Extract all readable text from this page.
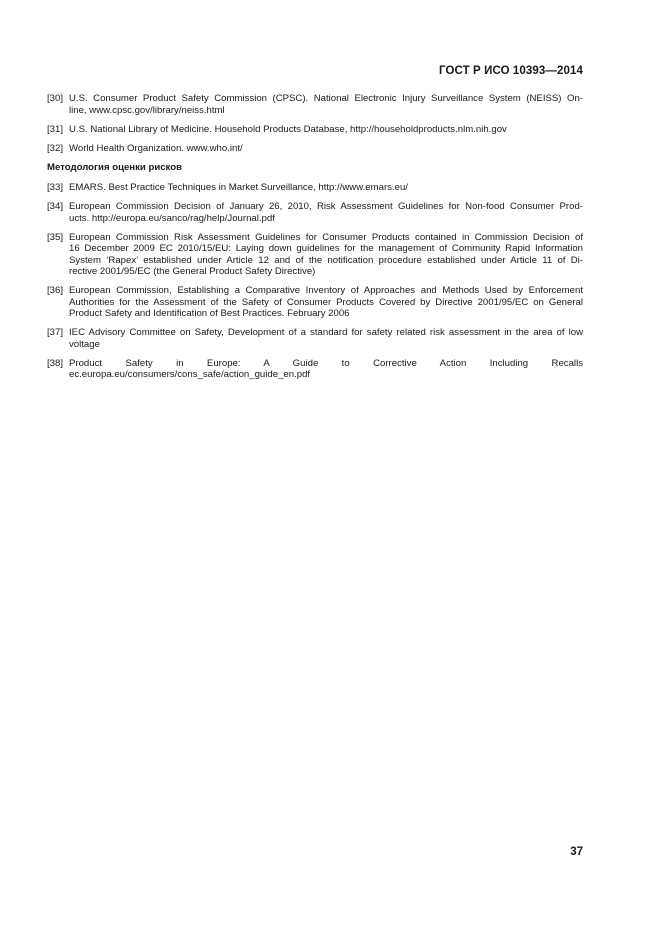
ГОСТ Р ИСО 10393—2014
[30] U.S. Consumer Product Safety Commission (CPSC). National Electronic Injury Surveillance System (NEISS) On-
line, www.cpsc.gov/library/neiss.html
[31] U.S. National Library of Medicine. Household Products Database, http://householdproducts.nlm.nih.gov
[32] World Health Organization. www.who.int/
Методология оценки рисков
[33] EMARS. Best Practice Techniques in Market Surveillance, http://www.emars.eu/
[34] European Commission Decision of January 26, 2010, Risk Assessment Guidelines for Non-food Consumer Prod-
ucts. http://europa.eu/sanco/rag/help/Journal.pdf
[35] European Commission Risk Assessment Guidelines for Consumer Products contained in Commission Decision of
16 December 2009 EC 2010/15/EU: Laying down guidelines for the management of Community Rapid Information
System ‘Rapex’ established under Article 12 and of the notification procedure established under Article 11 of Di-
rective 2001/95/EC (the General Product Safety Directive)
[36] European Commission, Establishing a Comparative Inventory of Approaches and Methods Used by Enforcement
Authorities for the Assessment of the Safety of Consumer Products Covered by Directive 2001/95/EC on General
Product Safety and Identification of Best Practices. February 2006
[37] IEC Advisory Committee on Safety, Development of a standard for safety related risk assessment in the area of low
voltage
[38] Product Safety in Europe: A Guide to Corrective Action Including Recalls
ec.europa.eu/consumers/cons_safe/action_guide_en.pdf
37
